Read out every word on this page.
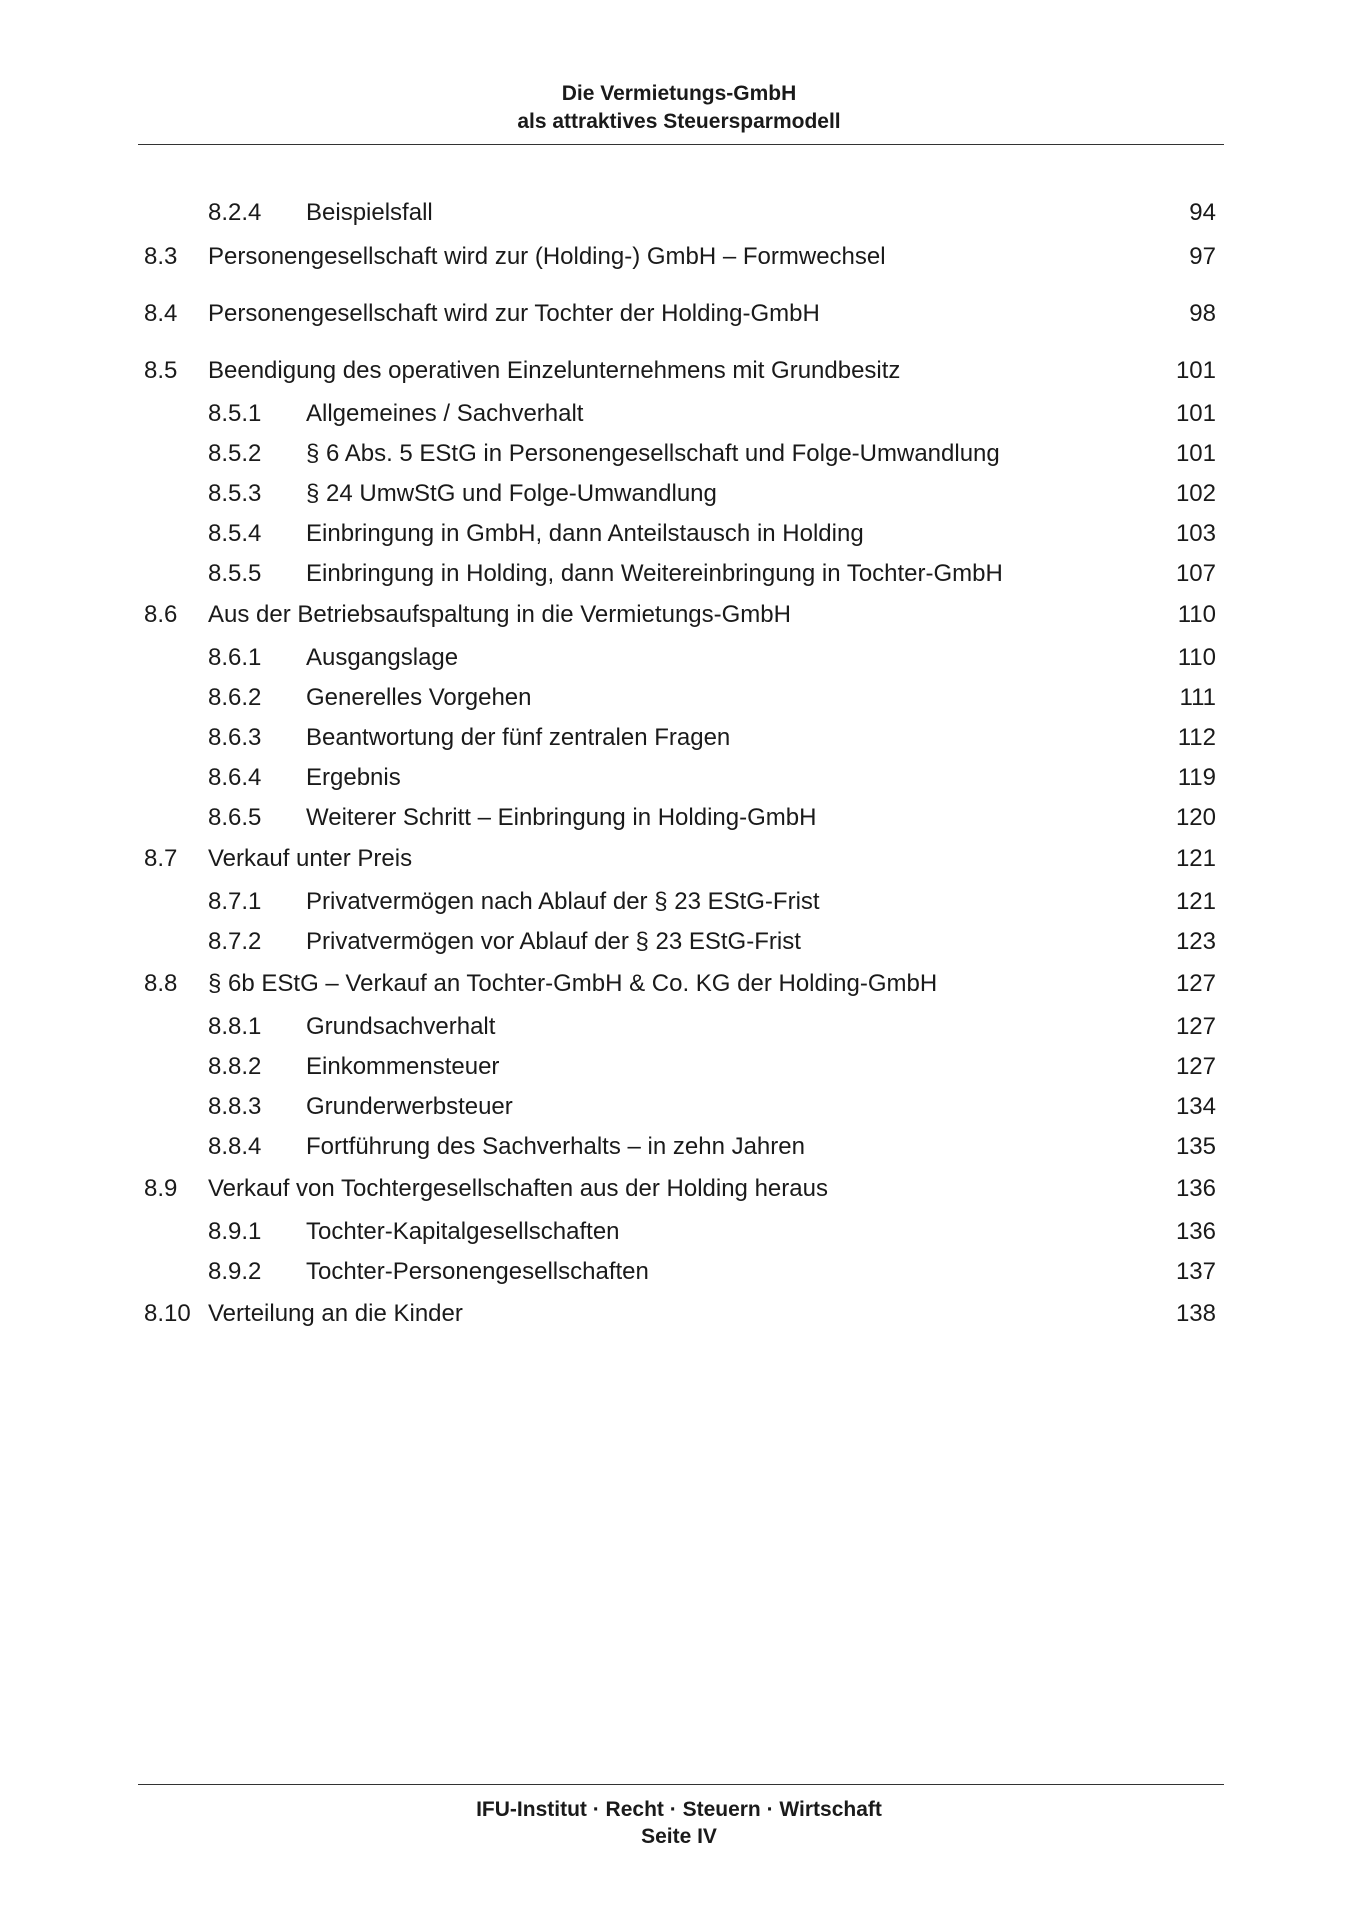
Die Vermietungs-GmbH
als attraktives Steuersparmodell
8.2.4 Beispielsfall	94
8.3 Personengesellschaft wird zur (Holding-) GmbH – Formwechsel	97
8.4 Personengesellschaft wird zur Tochter der Holding-GmbH	98
8.5 Beendigung des operativen Einzelunternehmens mit Grundbesitz	101
8.5.1 Allgemeines / Sachverhalt	101
8.5.2 § 6 Abs. 5 EStG in Personengesellschaft und Folge-Umwandlung	101
8.5.3 § 24 UmwStG und Folge-Umwandlung	102
8.5.4 Einbringung in GmbH, dann Anteilstausch in Holding	103
8.5.5 Einbringung in Holding, dann Weitereinbringung in Tochter-GmbH	107
8.6 Aus der Betriebsaufspaltung in die Vermietungs-GmbH	110
8.6.1 Ausgangslage	110
8.6.2 Generelles Vorgehen	111
8.6.3 Beantwortung der fünf zentralen Fragen	112
8.6.4 Ergebnis	119
8.6.5 Weiterer Schritt – Einbringung in Holding-GmbH	120
8.7 Verkauf unter Preis	121
8.7.1 Privatvermögen nach Ablauf der § 23 EStG-Frist	121
8.7.2 Privatvermögen vor Ablauf der § 23 EStG-Frist	123
8.8 § 6b EStG – Verkauf an Tochter-GmbH & Co. KG der Holding-GmbH	127
8.8.1 Grundsachverhalt	127
8.8.2 Einkommensteuer	127
8.8.3 Grunderwerbsteuer	134
8.8.4 Fortführung des Sachverhalts – in zehn Jahren	135
8.9 Verkauf von Tochtergesellschaften aus der Holding heraus	136
8.9.1 Tochter-Kapitalgesellschaften	136
8.9.2 Tochter-Personengesellschaften	137
8.10 Verteilung an die Kinder	138
IFU-Institut · Recht · Steuern · Wirtschaft
Seite IV
